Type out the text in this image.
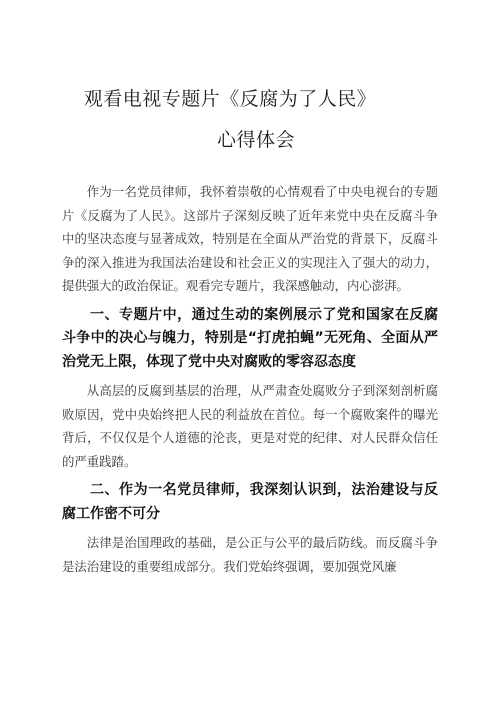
观看电视专题片《反腐为了人民》
心得体会

作为一名党员律师，我怀着崇敬的心情观看了中央电视台的专题片《反腐为了人民》。这部片子深刻反映了近年来党中央在反腐斗争中的坚决态度与显著成效，特别是在全面从严治党的背景下，反腐斗争的深入推进为我国法治建设和社会正义的实现注入了强大的动力，提供强大的政治保证。观看完专题片，我深感触动，内心澎湃。

一、专题片中，通过生动的案例展示了党和国家在反腐斗争中的决心与魄力，特别是“打虎拍蝇”无死角、全面从严治党无上限，体现了党中央对腐败的零容忍态度

从高层的反腐到基层的治理，从严肃查处腐败分子到深刻剖析腐败原因，党中央始终把人民的利益放在首位。每一个腐败案件的曝光背后，不仅仅是个人道德的沦丧，更是对党的纪律、对人民群众信任的严重践踏。

二、作为一名党员律师，我深刻认识到，法治建设与反腐工作密不可分

法律是治国理政的基础，是公正与公平的最后防线。而反腐斗争是法治建设的重要组成部分。我们党始终强调，要加强党风廉
